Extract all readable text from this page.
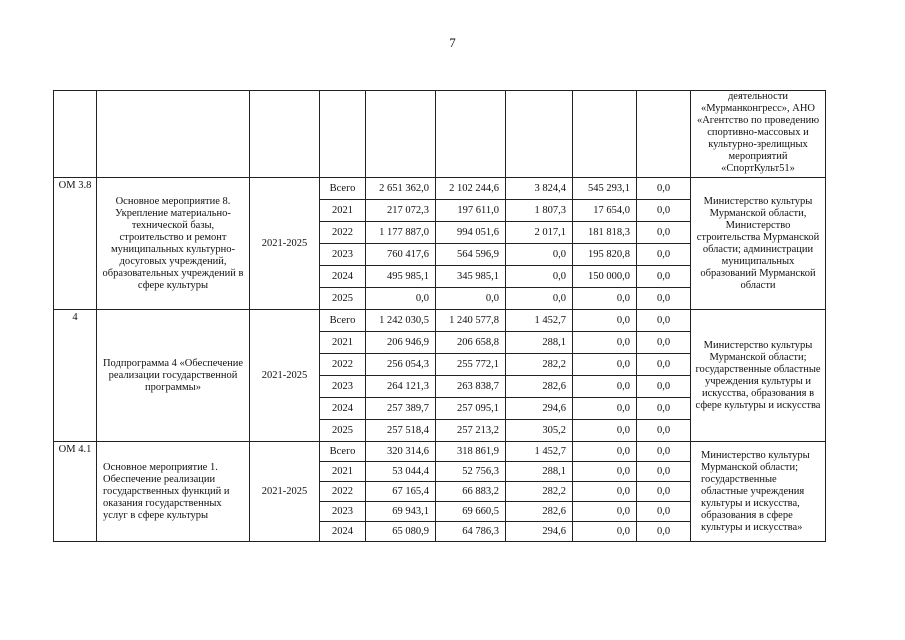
7
									деятельности «Мурманконгресс», АНО «Агентство по проведению спортивно-массовых и культурно-зрелищных мероприятий «СпортКульт51»
ОМ 3.8	Основное мероприятие 8. Укрепление материально-технической базы, строительство и ремонт муниципальных культурно-досуговых учреждений, образовательных учреждений в сфере культуры	2021-2025	Всего	2 651 362,0	2 102 244,6	3 824,4	545 293,1	0,0	Министерство культуры Мурманской области, Министерство строительства Мурманской области; администрации муниципальных образований Мурманской области
			2021	217 072,3	197 611,0	1 807,3	17 654,0	0,0	
			2022	1 177 887,0	994 051,6	2 017,1	181 818,3	0,0	
			2023	760 417,6	564 596,9	0,0	195 820,8	0,0	
			2024	495 985,1	345 985,1	0,0	150 000,0	0,0	
			2025	0,0	0,0	0,0	0,0	0,0	
4	Подпрограмма 4 «Обеспечение реализации государственной программы»	2021-2025	Всего	1 242 030,5	1 240 577,8	1 452,7	0,0	0,0	Министерство культуры Мурманской области; государственные областные учреждения культуры и искусства, образования в сфере культуры и искусства
			2021	206 946,9	206 658,8	288,1	0,0	0,0	
			2022	256 054,3	255 772,1	282,2	0,0	0,0	
			2023	264 121,3	263 838,7	282,6	0,0	0,0	
			2024	257 389,7	257 095,1	294,6	0,0	0,0	
			2025	257 518,4	257 213,2	305,2	0,0	0,0	
ОМ 4.1	Основное мероприятие 1. Обеспечение реализации государственных функций и оказания государственных услуг в сфере культуры	2021-2025	Всего	320 314,6	318 861,9	1 452,7	0,0	0,0	Министерство культуры Мурманской области; государственные областные учреждения культуры и искусства, образования в сфере культуры и искусства»
			2021	53 044,4	52 756,3	288,1	0,0	0,0	
			2022	67 165,4	66 883,2	282,2	0,0	0,0	
			2023	69 943,1	69 660,5	282,6	0,0	0,0	
			2024	65 080,9	64 786,3	294,6	0,0	0,0	
